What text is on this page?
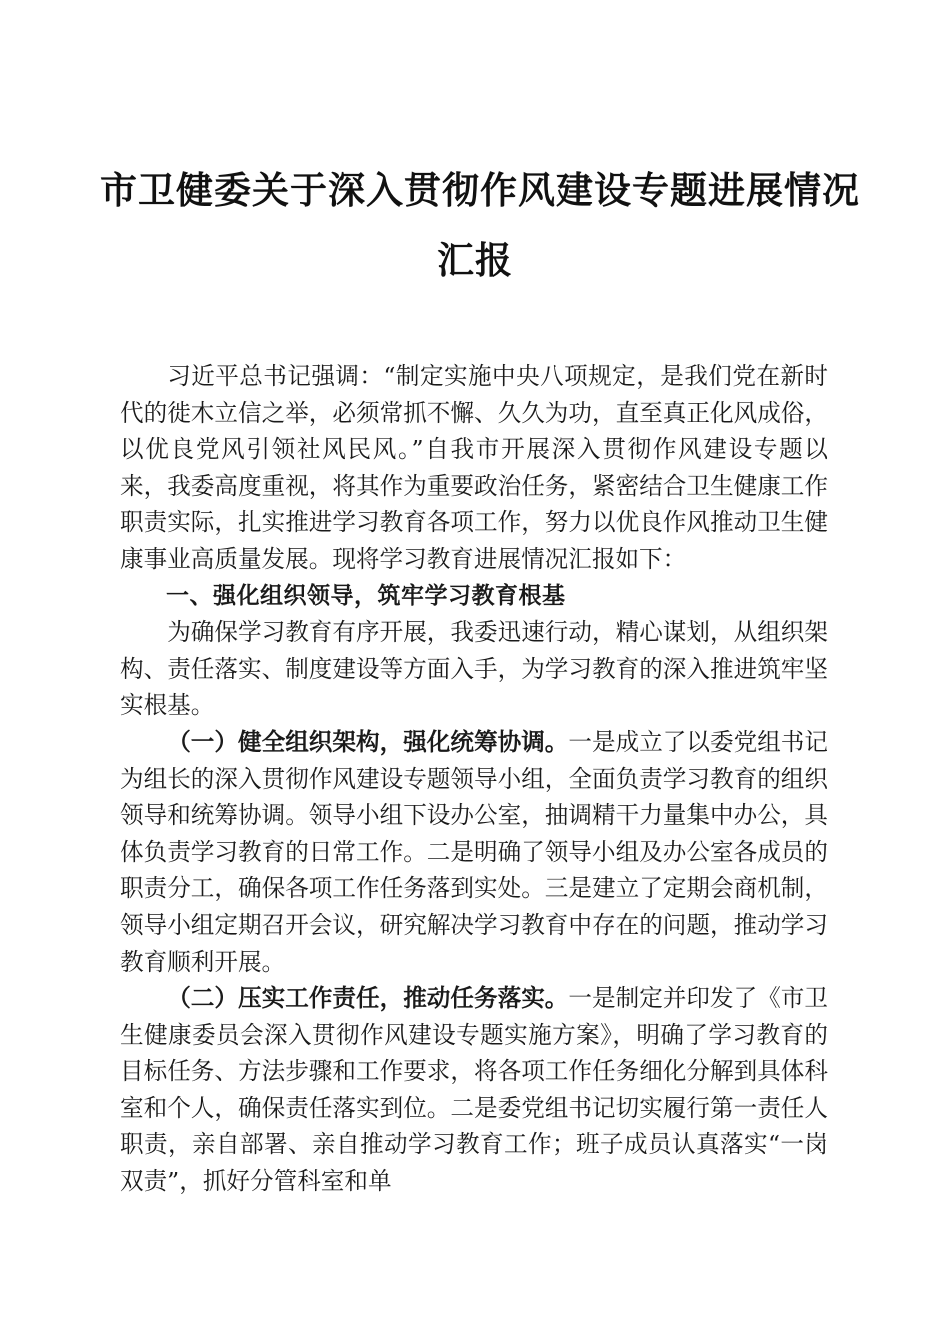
市卫健委关于深入贯彻作风建设专题进展情况
汇报

习近平总书记强调：“制定实施中央八项规定，是我们党在新时代的徙木立信之举，必须常抓不懈、久久为功，直至真正化风成俗，以优良党风引领社风民风。”自我市开展深入贯彻作风建设专题以来，我委高度重视，将其作为重要政治任务，紧密结合卫生健康工作职责实际，扎实推进学习教育各项工作，努力以优良作风推动卫生健康事业高质量发展。现将学习教育进展情况汇报如下：

一、强化组织领导，筑牢学习教育根基

为确保学习教育有序开展，我委迅速行动，精心谋划，从组织架构、责任落实、制度建设等方面入手，为学习教育的深入推进筑牢坚实根基。

（一）健全组织架构，强化统筹协调。一是成立了以委党组书记为组长的深入贯彻作风建设专题领导小组，全面负责学习教育的组织领导和统筹协调。领导小组下设办公室，抽调精干力量集中办公，具体负责学习教育的日常工作。二是明确了领导小组及办公室各成员的职责分工，确保各项工作任务落到实处。三是建立了定期会商机制，领导小组定期召开会议，研究解决学习教育中存在的问题，推动学习教育顺利开展。

（二）压实工作责任，推动任务落实。一是制定并印发了《市卫生健康委员会深入贯彻作风建设专题实施方案》，明确了学习教育的目标任务、方法步骤和工作要求，将各项工作任务细化分解到具体科室和个人，确保责任落实到位。二是委党组书记切实履行第一责任人职责，亲自部署、亲自推动学习教育工作；班子成员认真落实“一岗双责”，抓好分管科室和单
